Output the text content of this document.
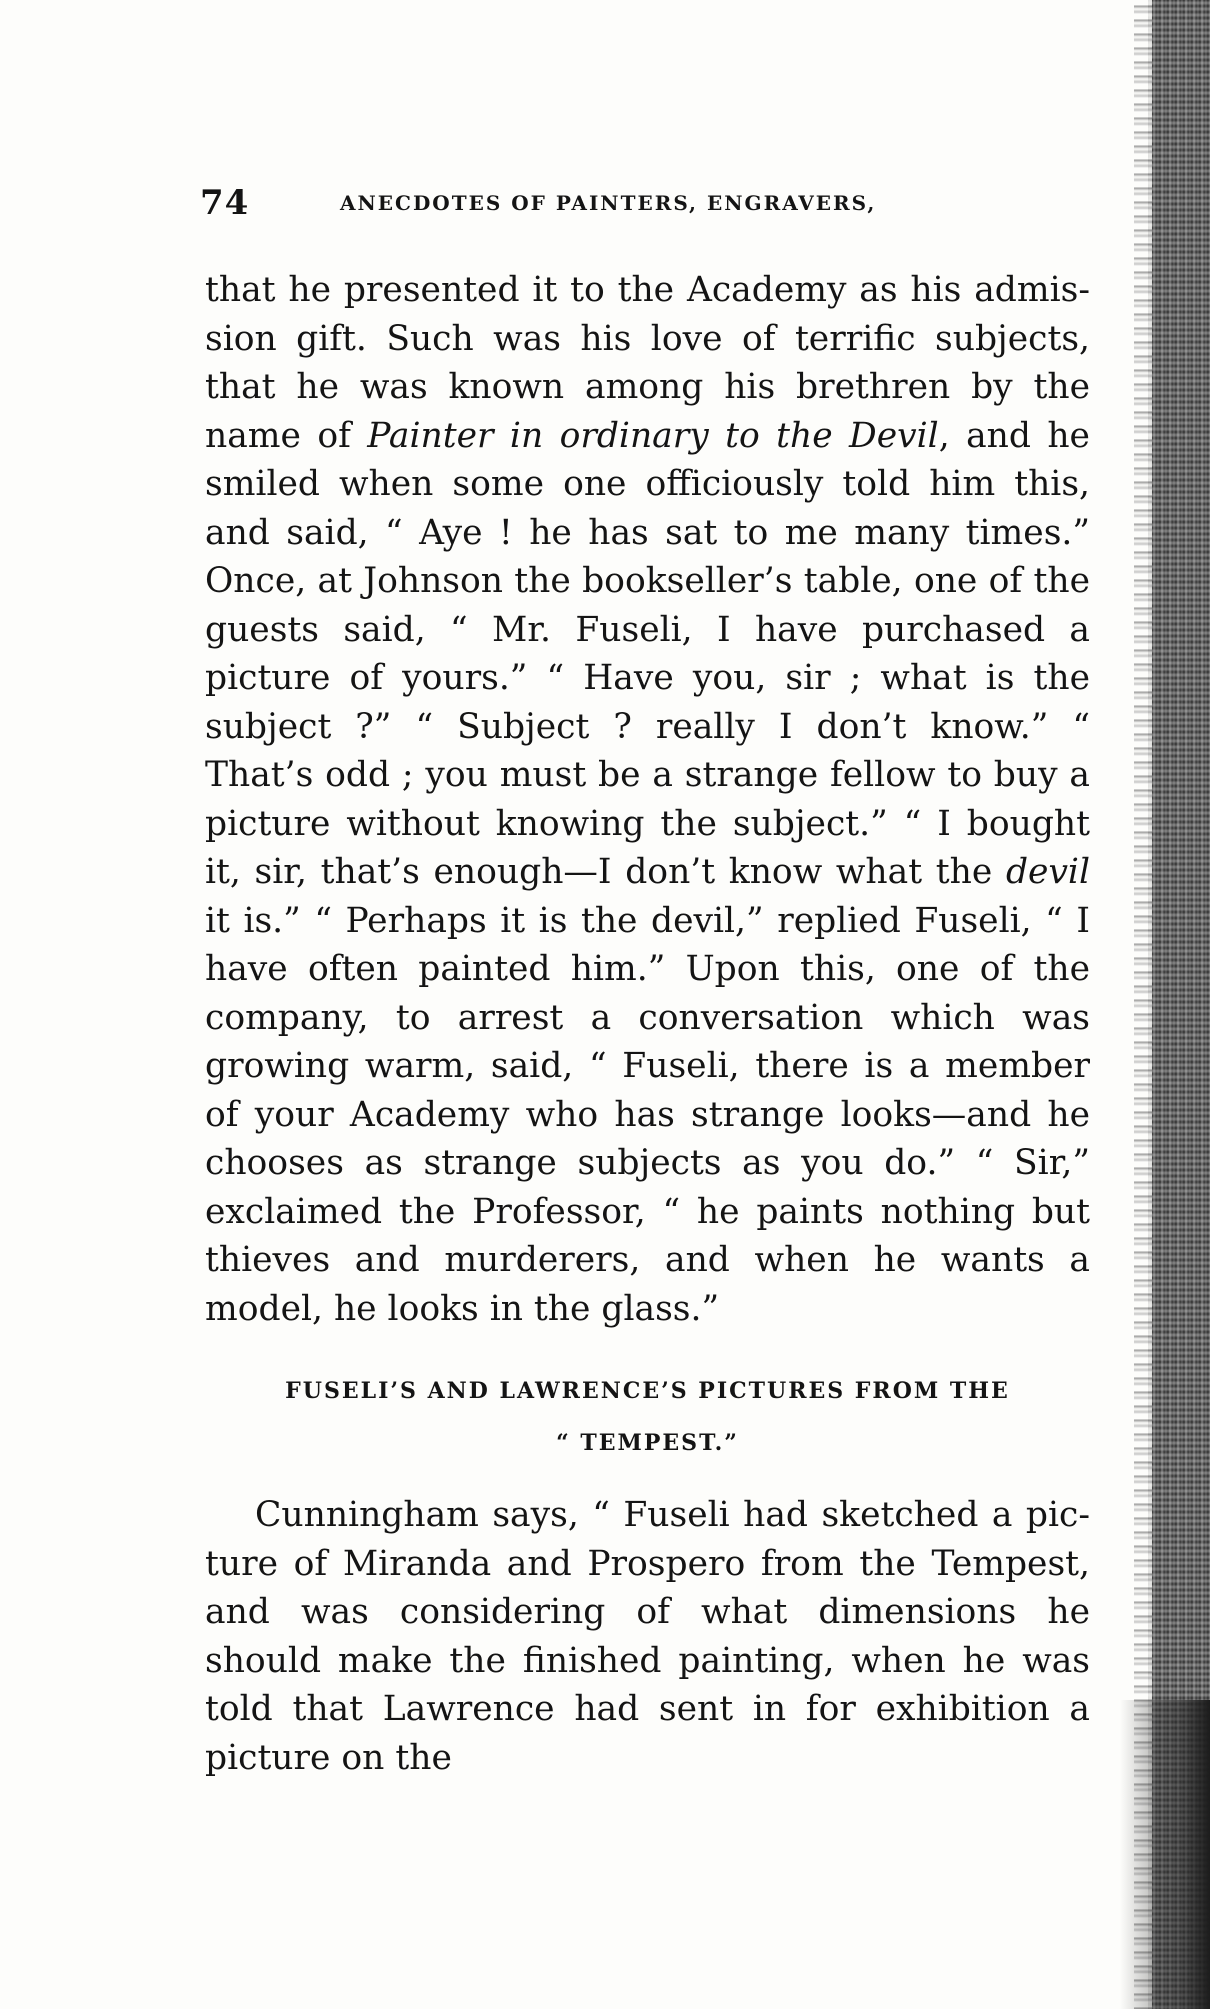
74	ANECDOTES OF PAINTERS, ENGRAVERS,

that he presented it to the Academy as his admission gift. Such was his love of terrific subjects, that he was known among his brethren by the name of Painter in ordinary to the Devil, and he smiled when some one officiously told him this, and said, “ Aye ! he has sat to me many times.” Once, at Johnson the bookseller’s table, one of the guests said, “ Mr. Fuseli, I have purchased a picture of yours.” “ Have you, sir ; what is the subject ?” “ Subject ? really I don’t know.” “ That’s odd ; you must be a strange fellow to buy a picture without knowing the subject.” “ I bought it, sir, that’s enough—I don’t know what the devil it is.” “ Perhaps it is the devil,” replied Fuseli, “ I have often painted him.” Upon this, one of the company, to arrest a conversation which was growing warm, said, “ Fuseli, there is a member of your Academy who has strange looks—and he chooses as strange subjects as you do.” “ Sir,” exclaimed the Professor, “ he paints nothing but thieves and murderers, and when he wants a model, he looks in the glass.”

FUSELI’S AND LAWRENCE’S PICTURES FROM THE
“ TEMPEST.”

Cunningham says, “ Fuseli had sketched a picture of Miranda and Prospero from the Tempest, and was considering of what dimensions he should make the finished painting, when he was told that Lawrence had sent in for exhibition a picture on the
